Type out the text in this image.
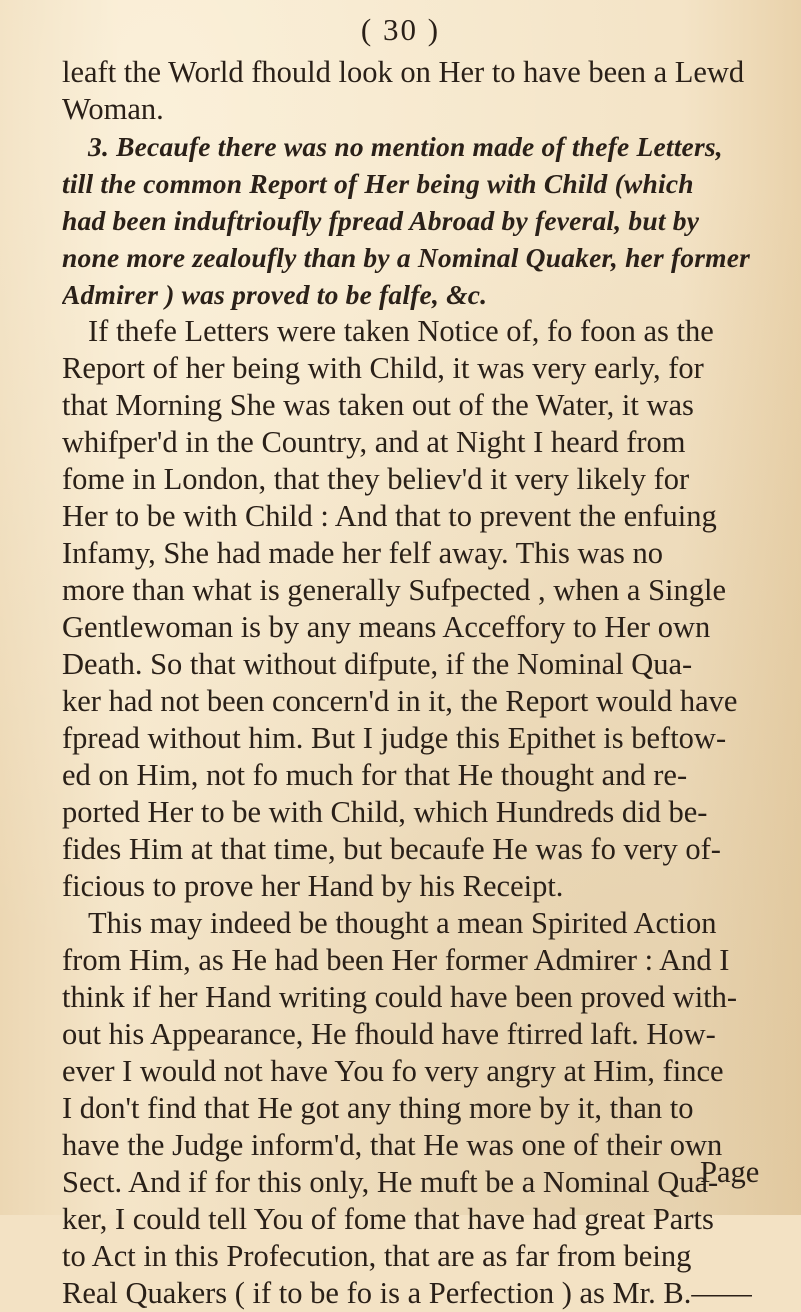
( 30 )
leaft the World fhould look on Her to have been a Lewd
Woman.
3. Becaufe there was no mention made of thefe Letters,
till the common Report of Her being with Child (which
had been induftrioufly fpread Abroad by feveral, but by
none more zealoufly than by a Nominal Quaker, her former
Admirer ) was proved to be falfe, &c.
If thefe Letters were taken Notice of, fo foon as the
Report of her being with Child, it was very early, for
that Morning She was taken out of the Water, it was
whifper'd in the Country, and at Night I heard from
fome in London, that they believ'd it very likely for
Her to be with Child : And that to prevent the enfuing
Infamy, She had made her felf away. This was no
more than what is generally Sufpected , when a Single
Gentlewoman is by any means Acceffory to Her own
Death. So that without difpute, if the Nominal Qua-
ker had not been concern'd in it, the Report would have
fpread without him. But I judge this Epithet is beftow-
ed on Him, not fo much for that He thought and re-
ported Her to be with Child, which Hundreds did be-
fides Him at that time, but becaufe He was fo very of-
ficious to prove her Hand by his Receipt.
This may indeed be thought a mean Spirited Action
from Him, as He had been Her former Admirer : And I
think if her Hand writing could have been proved with-
out his Appearance, He fhould have ftirred laft. How-
ever I would not have You fo very angry at Him, fince
I don't find that He got any thing more by it, than to
have the Judge inform'd, that He was one of their own
Sect. And if for this only, He muft be a Nominal Qua-
ker, I could tell You of fome that have had great Parts
to Act in this Profecution, that are as far from being
Real Quakers ( if to be fo is a Perfection ) as Mr. B.——
Page
